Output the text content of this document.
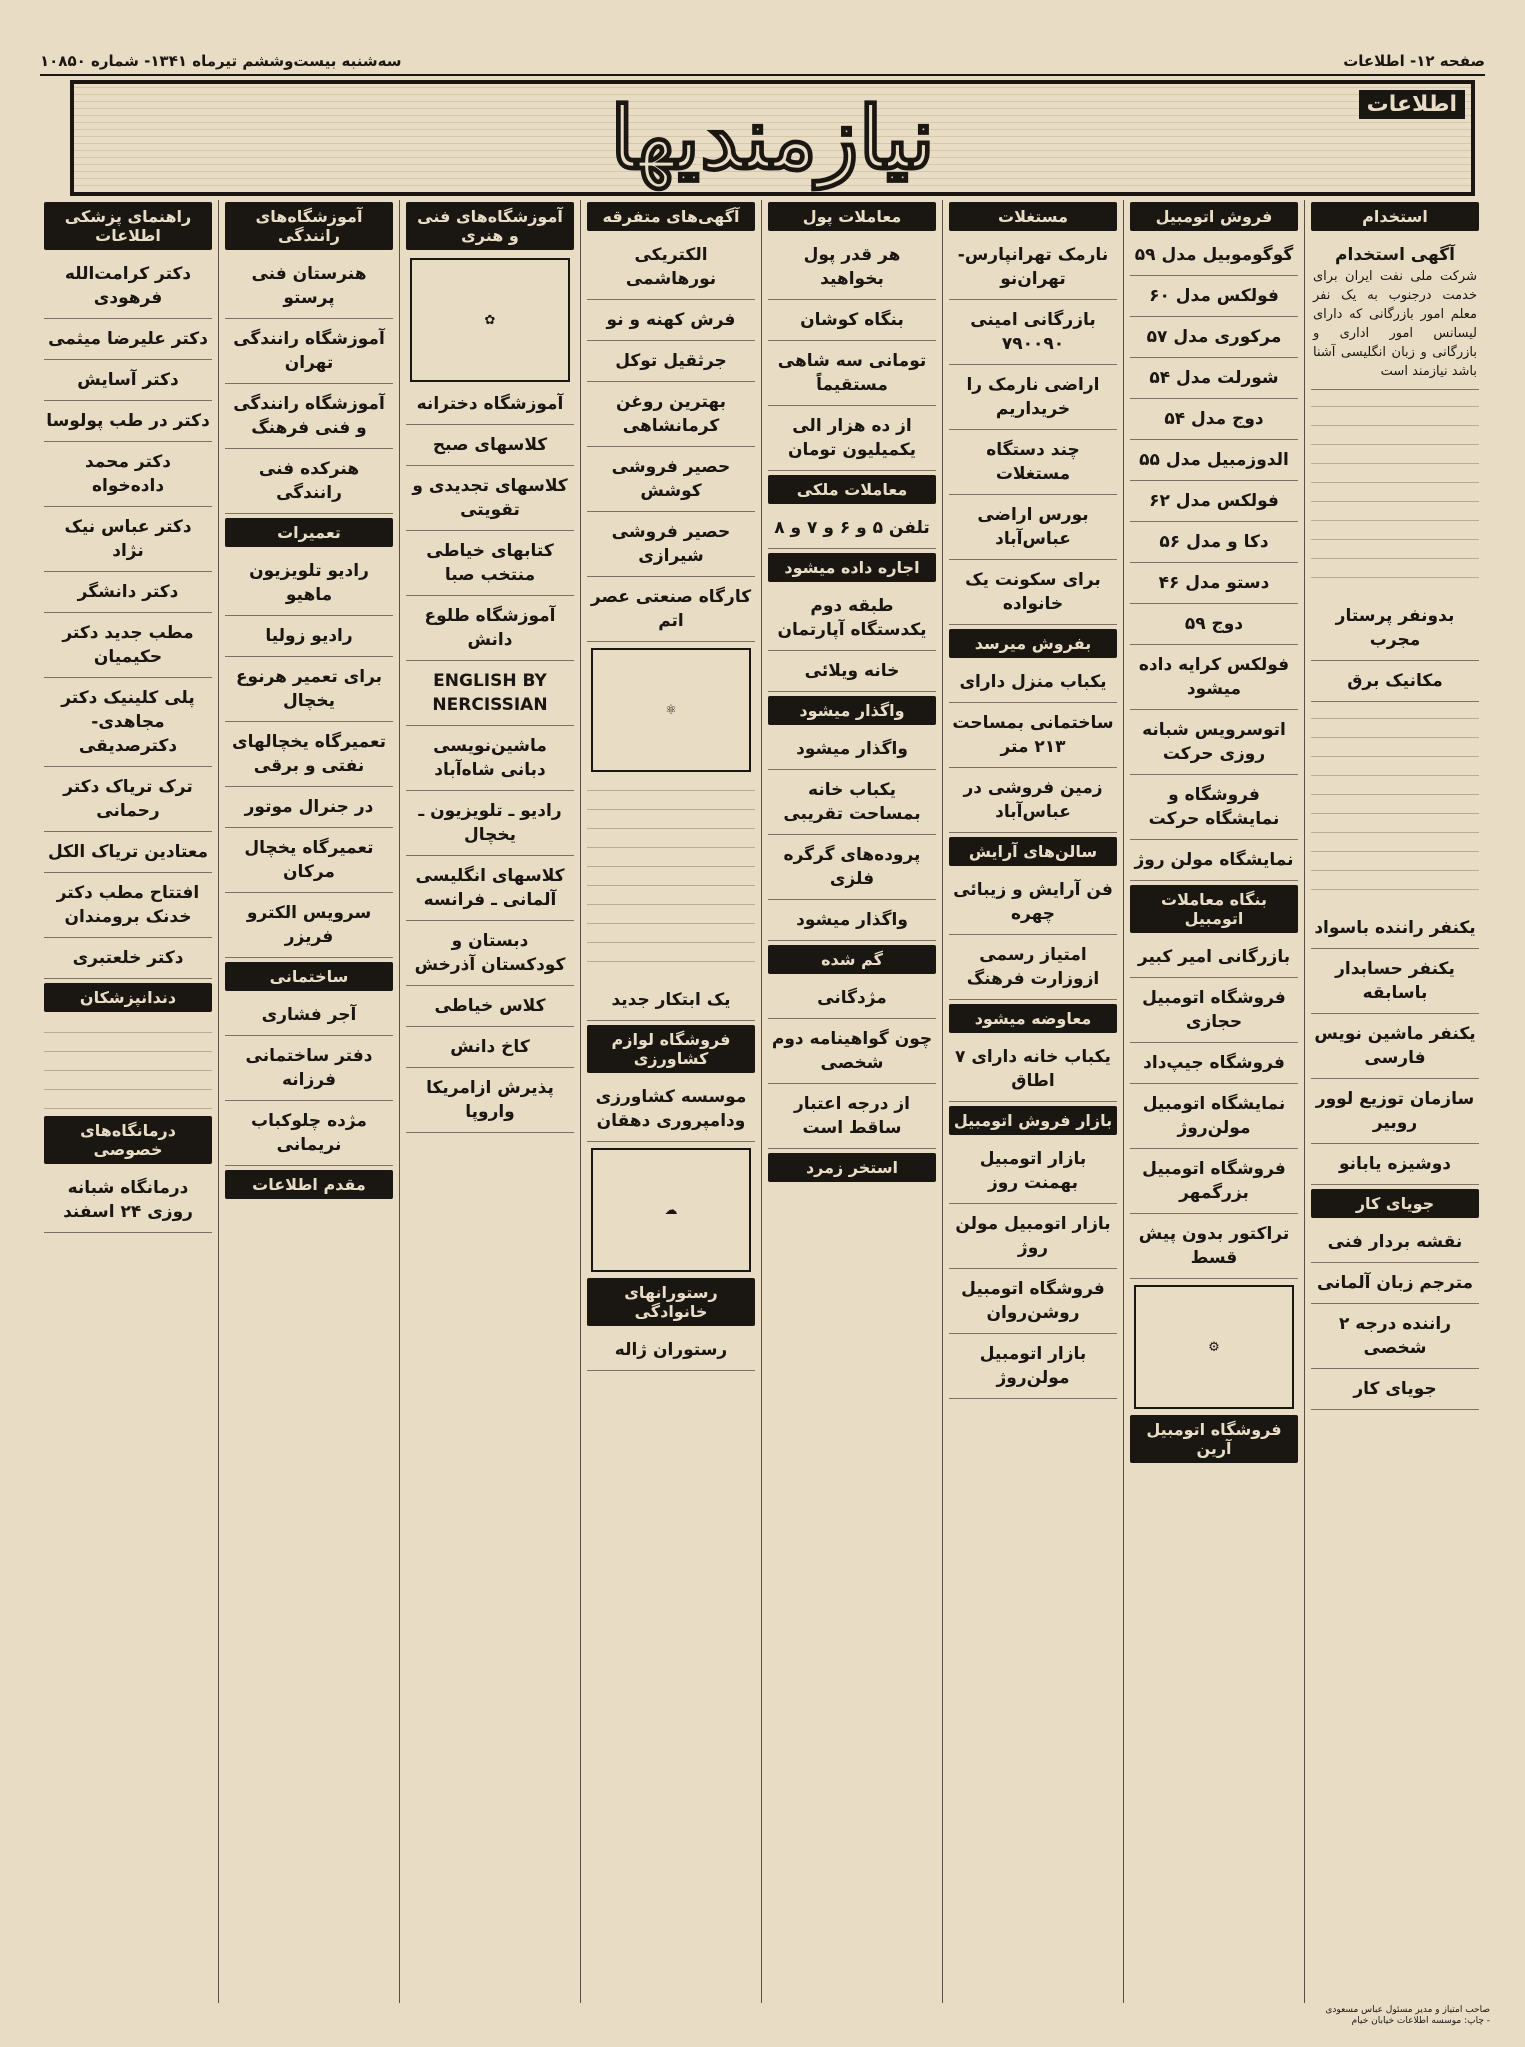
صفحه ۱۲- اطلاعات
سه‌شنبه بیست‌وششم تیرماه ۱۳۴۱- شماره ۱۰۸۵۰
اطلاعات
نیازمندیها
استخدام
آگهی استخدام
شرکت ملی نفت ایران برای خدمت درجنوب به یک نفر معلم امور بازرگانی که دارای لیسانس امور اداری و بازرگانی و زبان انگلیسی آشنا باشد نیازمند است
بدونفر پرستار مجرب
مکانیک برق
یکنفر راننده باسواد
یکنفر حسابدار باسابقه
یکنفر ماشین نویس فارسی
سازمان توزیع لوور روبیر
دوشیزه یابانو
جویای کار
نقشه بردار فنی
مترجم زبان آلمانی
راننده درجه ۲ شخصی
جویای کار
فروش اتومبیل
گوگوموبیل مدل ۵۹
فولکس مدل ۶۰
مرکوری مدل ۵۷
شورلت مدل ۵۴
دوج مدل ۵۴
الدوزمبیل مدل ۵۵
فولکس مدل ۶۲
دکا و مدل ۵۶
دستو مدل ۴۶
دوج ۵۹
فولکس کرایه داده میشود
اتوسرویس شبانه روزی حرکت
فروشگاه و نمایشگاه حرکت
نمایشگاه مولن روژ
بنگاه معاملات اتومبیل
بازرگانی امیر کبیر
فروشگاه اتومبیل حجازی
فروشگاه جیپ‌داد
نمایشگاه اتومبیل مولن‌روژ
فروشگاه اتومبیل بزرگمهر
تراکتور بدون پیش قسط
⚙
فروشگاه اتومبیل آرین
مستغلات
نارمک تهرانپارس- تهران‌نو
بازرگانی امینی ۷۹۰۰۹۰
اراضی نارمک را خریداریم
چند دستگاه مستغلات
بورس اراضی عباس‌آباد
برای سکونت یک خانواده
بفروش میرسد
یکباب منزل دارای
ساختمانی بمساحت ۲۱۳ متر
زمین فروشی در عباس‌آباد
سالن‌های آرایش
فن آرایش و زیبائی چهره
امتیاز رسمی ازوزارت فرهنگ
معاوضه میشود
یکباب خانه دارای ۷ اطاق
بازار فروش اتومبیل
بازار اتومبیل بهمنت روز
بازار اتومبیل مولن روژ
فروشگاه اتومبیل روشن‌روان
بازار اتومبیل مولن‌روژ
معاملات پول
هر قدر پول بخواهید
بنگاه کوشان
تومانی سه شاهی مستقیماً
از ده هزار الی یکمیلیون تومان
معاملات ملکی
تلفن ۵ و ۶ و ۷ و ۸
اجاره داده میشود
طبقه دوم یکدستگاه آپارتمان
خانه ویلائی
واگذار میشود
واگذار میشود
یکباب خانه بمساحت تقریبی
پروده‌های گرگره فلزی
واگذار میشود
گم شده
مژدگانی
چون گواهینامه دوم شخصی
از درجه اعتبار ساقط است
استخر زمرد
آگهی‌های متفرقه
الکتریکی نورهاشمی
فرش کهنه و نو
جرثقیل توکل
بهترین روغن کرمانشاهی
حصیر فروشی کوشش
حصیر فروشی شیرازی
کارگاه صنعتی عصر اتم
⚛
یک ابتکار جدید
فروشگاه لوازم کشاورزی
موسسه کشاورزی ودامپروری دهقان
☁
رستورانهای خانوادگی
رستوران ژاله
آموزشگاه‌های فنی و هنری
✿
آموزشگاه دخترانه
کلاسهای صبح
کلاسهای تجدیدی و تقویتی
کتابهای خیاطی منتخب صبا
آموزشگاه طلوع دانش
ENGLISH BY NERCISSIAN
ماشین‌نویسی دبانی شاه‌آباد
رادیو ـ تلویزیون ـ یخچال
کلاسهای انگلیسی آلمانی ـ فرانسه
دبستان و کودکستان آذرخش
کلاس خیاطی
کاخ دانش
پذیرش ازامریکا واروپا
آموزشگاه‌های رانندگی
هنرستان فنی پرستو
آموزشگاه رانندگی تهران
آموزشگاه رانندگی و فنی فرهنگ
هنرکده فنی رانندگی
تعمیرات
رادیو تلویزیون ماهیو
رادیو زولیا
برای تعمیر هرنوع یخچال
تعمیرگاه یخچالهای نفتی و برقی
در جنرال موتور
تعمیرگاه یخچال مرکان
سرویس الکترو فریزر
ساختمانی
آجر فشاری
دفتر ساختمانی فرزانه
مژده چلوکباب نریمانی
مقدم اطلاعات
راهنمای پزشکی اطلاعات
دکتر کرامت‌الله فرهودی
دکتر علیرضا میثمی
دکتر آسایش
دکتر در طب پولوسا
دکتر محمد داده‌خواه
دکتر عباس نیک نژاد
دکتر دانشگر
مطب جدید دکتر حکیمیان
پلی کلینیک دکتر مجاهدی- دکترصدیقی
ترک تریاک دکتر رحمانی
معتادین تریاک الکل
افتتاح مطب دکتر خدنک برومندان
دکتر خلعتبری
دندانپزشکان
درمانگاه‌های خصوصی
درمانگاه شبانه روزی ۲۴ اسفند
صاحب امتیاز و مدیر مسئول عباس مسعودی - چاپ: موسسه اطلاعات خیابان خیام
